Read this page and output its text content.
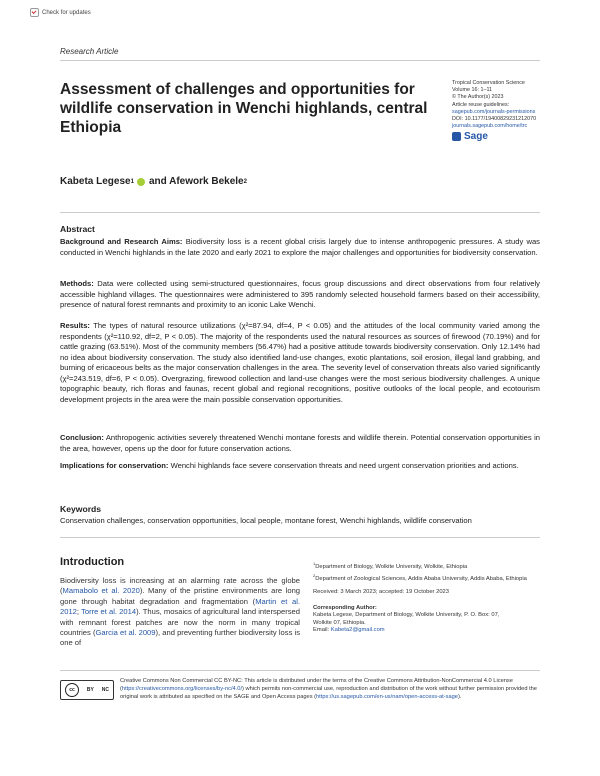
Check for updates
Research Article
Assessment of challenges and opportunities for wildlife conservation in Wenchi highlands, central Ethiopia
Tropical Conservation Science
Volume 16: 1–11
© The Author(s) 2023
Article reuse guidelines:
sagepub.com/journals-permissions
DOI: 10.1177/19400829231212070
journals.sagepub.com/home/trc
Sage
Kabeta Legese 1 and Afework Bekele 2
Abstract
Background and Research Aims: Biodiversity loss is a recent global crisis largely due to intense anthropogenic pressures. A study was conducted in Wenchi highlands in the late 2020 and early 2021 to explore the major challenges and opportunities for biodiversity conservation.
Methods: Data were collected using semi-structured questionnaires, focus group discussions and direct observations from four relatively accessible highland villages. The questionnaires were administered to 395 randomly selected household farmers based on their accessibility, presence of natural forest remnants and proximity to an iconic Lake Wenchi.
Results: The types of natural resource utilizations (χ²=87.94, df=4, P < 0.05) and the attitudes of the local community varied among the respondents (χ²=110.92, df=2, P < 0.05). The majority of the respondents used the natural resources as sources of firewood (70.19%) and for cattle grazing (63.51%). Most of the community members (56.47%) had a positive attitude towards biodiversity conservation. Only 12.14% had no idea about biodiversity conservation. The study also identified land-use changes, exotic plantations, soil erosion, illegal land grabbing, and burning of ericaceous belts as the major conservation challenges in the area. The severity level of conservation threats also varied significantly (χ²=243.519, df=6, P < 0.05). Overgrazing, firewood collection and land-use changes were the most serious biodiversity challenges. A unique topographic beauty, rich floras and faunas, recent global and regional recognitions, positive outlooks of the local people, and ecotourism development projects in the area were the main possible conservation opportunities.
Conclusion: Anthropogenic activities severely threatened Wenchi montane forests and wildlife therein. Potential conservation opportunities in the area, however, opens up the door for future conservation actions.
Implications for conservation: Wenchi highlands face severe conservation threats and need urgent conservation priorities and actions.
Keywords
Conservation challenges, conservation opportunities, local people, montane forest, Wenchi highlands, wildlife conservation
Introduction
Biodiversity loss is increasing at an alarming rate across the globe (Mamabolo et al. 2020). Many of the pristine environments are long gone through habitat degradation and fragmentation (Martin et al. 2012; Torre et al. 2014). Thus, mosaics of agricultural land interspersed with remnant forest patches are now the norm in many tropical countries (Garcia et al. 2009), and preventing further biodiversity loss is one of
$^1$Department of Biology, Wolkite University, Wolkite, Ethiopia
$^2$Department of Zoological Sciences, Addis Ababa University, Addis Ababa, Ethiopia
Received: 3 March 2023; accepted: 19 October 2023
Corresponding Author:
Kabeta Legese, Department of Biology, Wolkite University, P. O. Box: 07,
Wolkite 07, Ethiopia.
Email: Kabeta2@gmail.com
cc	BY NC
Creative Commons Non Commercial CC BY-NC: This article is distributed under the terms of the Creative Commons Attribution-NonCommercial 4.0 License (https://creativecommons.org/licenses/by-nc/4.0/) which permits non-commercial use, reproduction and distribution of the work without further permission provided the original work is attributed as specified on the SAGE and Open Access pages (https://us.sagepub.com/en-us/nam/open-access-at-sage).
